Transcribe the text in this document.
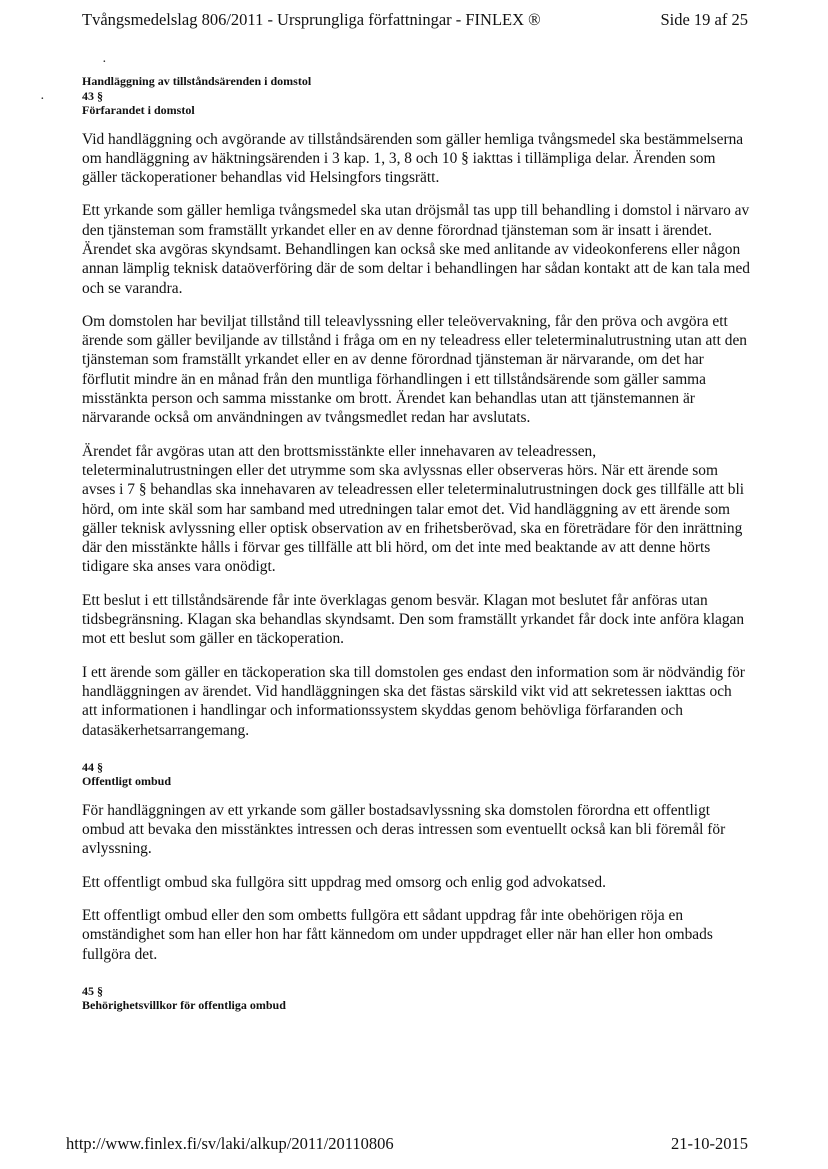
Tvångsmedelslag 806/2011 - Ursprungliga författningar - FINLEX ®	Side 19 af 25
·
·

Handläggning av tillståndsärenden i domstol

43 §

Förfarandet i domstol

Vid handläggning och avgörande av tillståndsärenden som gäller hemliga tvångsmedel ska bestämmelserna om handläggning av häktningsärenden i 3 kap. 1, 3, 8 och 10 § iakttas i tillämpliga delar. Ärenden som gäller täckoperationer behandlas vid Helsingfors tingsrätt.

Ett yrkande som gäller hemliga tvångsmedel ska utan dröjsmål tas upp till behandling i domstol i närvaro av den tjänsteman som framställt yrkandet eller en av denne förordnad tjänsteman som är insatt i ärendet. Ärendet ska avgöras skyndsamt. Behandlingen kan också ske med anlitande av videokonferens eller någon annan lämplig teknisk dataöverföring där de som deltar i behandlingen har sådan kontakt att de kan tala med och se varandra.

Om domstolen har beviljat tillstånd till teleavlyssning eller teleövervakning, får den pröva och avgöra ett ärende som gäller beviljande av tillstånd i fråga om en ny teleadress eller teleterminalutrustning utan att den tjänsteman som framställt yrkandet eller en av denne förordnad tjänsteman är närvarande, om det har förflutit mindre än en månad från den muntliga förhandlingen i ett tillståndsärende som gäller samma misstänkta person och samma misstanke om brott. Ärendet kan behandlas utan att tjänstemannen är närvarande också om användningen av tvångsmedlet redan har avslutats.

Ärendet får avgöras utan att den brottsmisstänkte eller innehavaren av teleadressen, teleterminalutrustningen eller det utrymme som ska avlyssnas eller observeras hörs. När ett ärende som avses i 7 § behandlas ska innehavaren av teleadressen eller teleterminalutrustningen dock ges tillfälle att bli hörd, om inte skäl som har samband med utredningen talar emot det. Vid handläggning av ett ärende som gäller teknisk avlyssning eller optisk observation av en frihetsberövad, ska en företrädare för den inrättning där den misstänkte hålls i förvar ges tillfälle att bli hörd, om det inte med beaktande av att denne hörts tidigare ska anses vara onödigt.

Ett beslut i ett tillståndsärende får inte överklagas genom besvär. Klagan mot beslutet får anföras utan tidsbegränsning. Klagan ska behandlas skyndsamt. Den som framställt yrkandet får dock inte anföra klagan mot ett beslut som gäller en täckoperation.

I ett ärende som gäller en täckoperation ska till domstolen ges endast den information som är nödvändig för handläggningen av ärendet. Vid handläggningen ska det fästas särskild vikt vid att sekretessen iakttas och att informationen i handlingar och informationssystem skyddas genom behövliga förfaranden och datasäkerhetsarrangemang.

44 §

Offentligt ombud

För handläggningen av ett yrkande som gäller bostadsavlyssning ska domstolen förordna ett offentligt ombud att bevaka den misstänktes intressen och deras intressen som eventuellt också kan bli föremål för avlyssning.

Ett offentligt ombud ska fullgöra sitt uppdrag med omsorg och enlig god advokatsed.

Ett offentligt ombud eller den som ombetts fullgöra ett sådant uppdrag får inte obehörigen röja en omständighet som han eller hon har fått kännedom om under uppdraget eller när han eller hon ombads fullgöra det.

45 §

Behörighetsvillkor för offentliga ombud

http://www.finlex.fi/sv/laki/alkup/2011/20110806	21-10-2015
